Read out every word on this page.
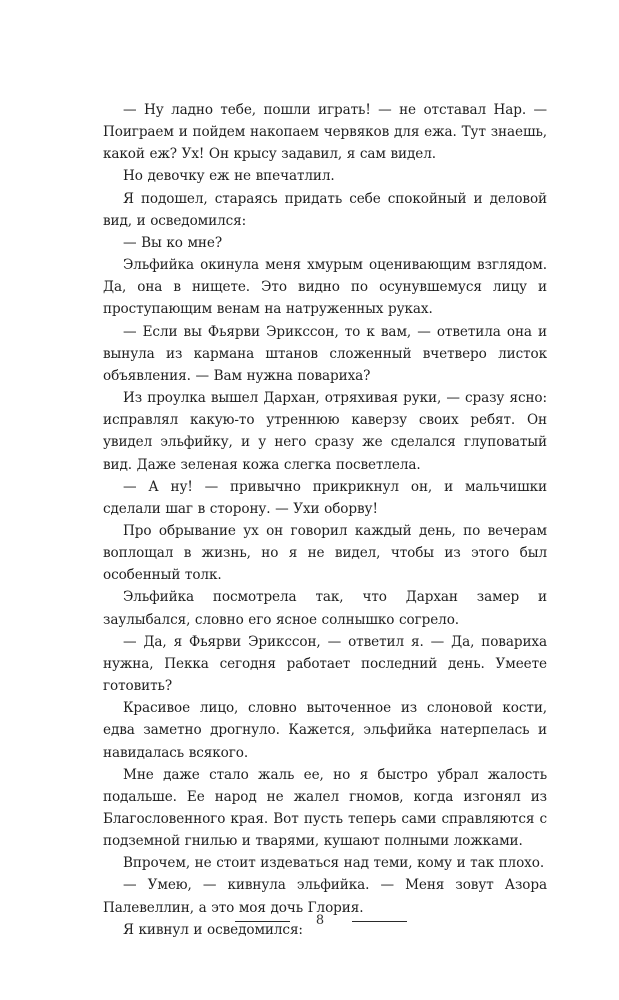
— Ну ладно тебе, пошли играть! — не отставал Нар. — Поиграем и пойдем накопаем червяков для ежа. Тут знаешь, какой еж? Ух! Он крысу задавил, я сам видел.

Но девочку еж не впечатлил.

Я подошел, стараясь придать себе спокойный и деловой вид, и осведомился:

— Вы ко мне?

Эльфийка окинула меня хмурым оценивающим взглядом. Да, она в нищете. Это видно по осунувшемуся лицу и проступающим венам на натруженных руках.

— Если вы Фьярви Эрикссон, то к вам, — ответила она и вынула из кармана штанов сложенный вчетверо листок объявления. — Вам нужна повариха?

Из проулка вышел Дархан, отряхивая руки, — сразу ясно: исправлял какую-то утреннюю каверзу своих ребят. Он увидел эльфийку, и у него сразу же сделался глуповатый вид. Даже зеленая кожа слегка посветлела.

— А ну! — привычно прикрикнул он, и мальчишки сделали шаг в сторону. — Ухи оборву!

Про обрывание ух он говорил каждый день, по вечерам воплощал в жизнь, но я не видел, чтобы из этого был особенный толк.

Эльфийка посмотрела так, что Дархан замер и заулыбался, словно его ясное солнышко согрело.

— Да, я Фьярви Эрикссон, — ответил я. — Да, повариха нужна, Пекка сегодня работает последний день. Умеете готовить?

Красивое лицо, словно выточенное из слоновой кости, едва заметно дрогнуло. Кажется, эльфийка натерпелась и навидалась всякого.

Мне даже стало жаль ее, но я быстро убрал жалость подальше. Ее народ не жалел гномов, когда изгонял из Благословенного края. Вот пусть теперь сами справляются с подземной гнилью и тварями, кушают полными ложками.

Впрочем, не стоит издеваться над теми, кому и так плохо.

— Умею, — кивнула эльфийка. — Меня зовут Азора Палевеллин, а это моя дочь Глория.

Я кивнул и осведомился:

8
